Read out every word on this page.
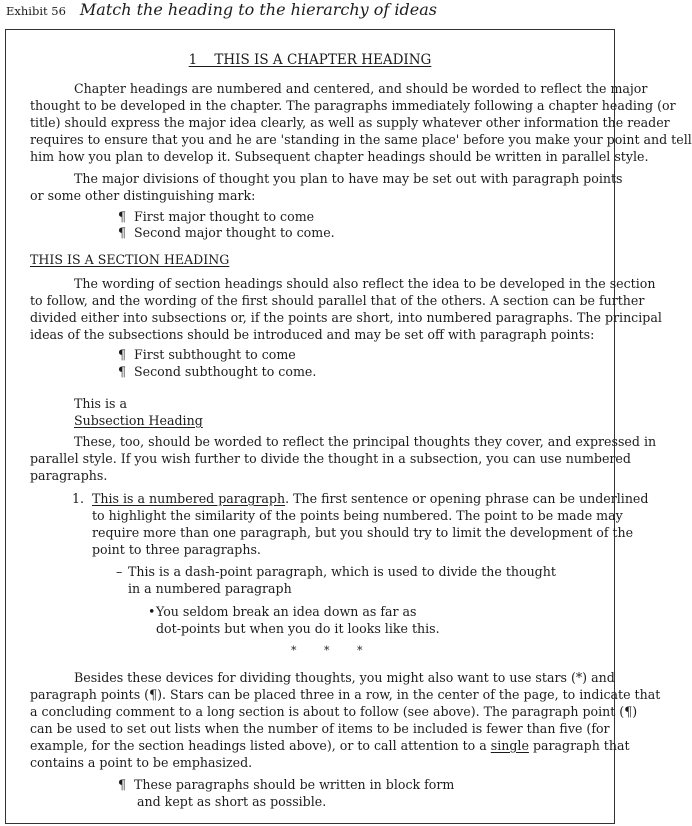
Exhibit 56 Match the heading to the hierarchy of ideas
1    THIS IS A CHAPTER HEADING
Chapter headings are numbered and centered, and should be worded to reflect the major
thought to be developed in the chapter. The paragraphs immediately following a chapter heading (or
title) should express the major idea clearly, as well as supply whatever other information the reader
requires to ensure that you and he are 'standing in the same place' before you make your point and tell
him how you plan to develop it. Subsequent chapter headings should be written in parallel style.
The major divisions of thought you plan to have may be set out with paragraph points
or some other distinguishing mark:
¶ First major thought to come
¶ Second major thought to come.
THIS IS A SECTION HEADING
The wording of section headings should also reflect the idea to be developed in the section
to follow, and the wording of the first should parallel that of the others. A section can be further
divided either into subsections or, if the points are short, into numbered paragraphs. The principal
ideas of the subsections should be introduced and may be set off with paragraph points:
¶ First subthought to come
¶ Second subthought to come.
This is a
Subsection Heading
These, too, should be worded to reflect the principal thoughts they cover, and expressed in
parallel style. If you wish further to divide the thought in a subsection, you can use numbered
paragraphs.
1. This is a numbered paragraph. The first sentence or opening phrase can be underlined
to highlight the similarity of the points being numbered. The point to be made may
require more than one paragraph, but you should try to limit the development of the
point to three paragraphs.
– This is a dash-point paragraph, which is used to divide the thought
in a numbered paragraph
• You seldom break an idea down as far as
dot-points but when you do it looks like this.
* * *
Besides these devices for dividing thoughts, you might also want to use stars (*) and
paragraph points (¶). Stars can be placed three in a row, in the center of the page, to indicate that
a concluding comment to a long section is about to follow (see above). The paragraph point (¶)
can be used to set out lists when the number of items to be included is fewer than five (for
example, for the section headings listed above), or to call attention to a single paragraph that
contains a point to be emphasized.
¶ These paragraphs should be written in block form
and kept as short as possible.
